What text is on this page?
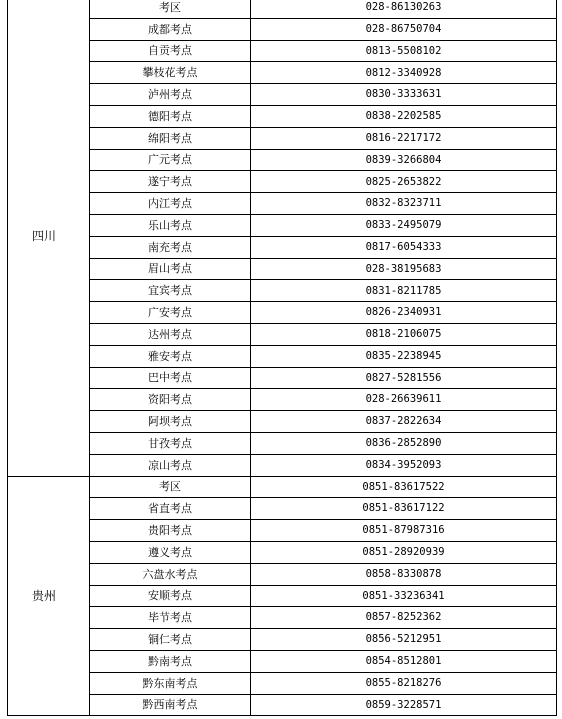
四川	考区	028-86130263
	成都考点	028-86750704
	自贡考点	0813-5508102
	攀枝花考点	0812-3340928
	泸州考点	0830-3333631
	德阳考点	0838-2202585
	绵阳考点	0816-2217172
	广元考点	0839-3266804
	遂宁考点	0825-2653822
	内江考点	0832-8323711
	乐山考点	0833-2495079
	南充考点	0817-6054333
	眉山考点	028-38195683
	宜宾考点	0831-8211785
	广安考点	0826-2340931
	达州考点	0818-2106075
	雅安考点	0835-2238945
	巴中考点	0827-5281556
	资阳考点	028-26639611
	阿坝考点	0837-2822634
	甘孜考点	0836-2852890
	凉山考点	0834-3952093
贵州	考区	0851-83617522
	省直考点	0851-83617122
	贵阳考点	0851-87987316
	遵义考点	0851-28920939
	六盘水考点	0858-8330878
	安顺考点	0851-33236341
	毕节考点	0857-8252362
	铜仁考点	0856-5212951
	黔南考点	0854-8512801
	黔东南考点	0855-8218276
	黔西南考点	0859-3228571
